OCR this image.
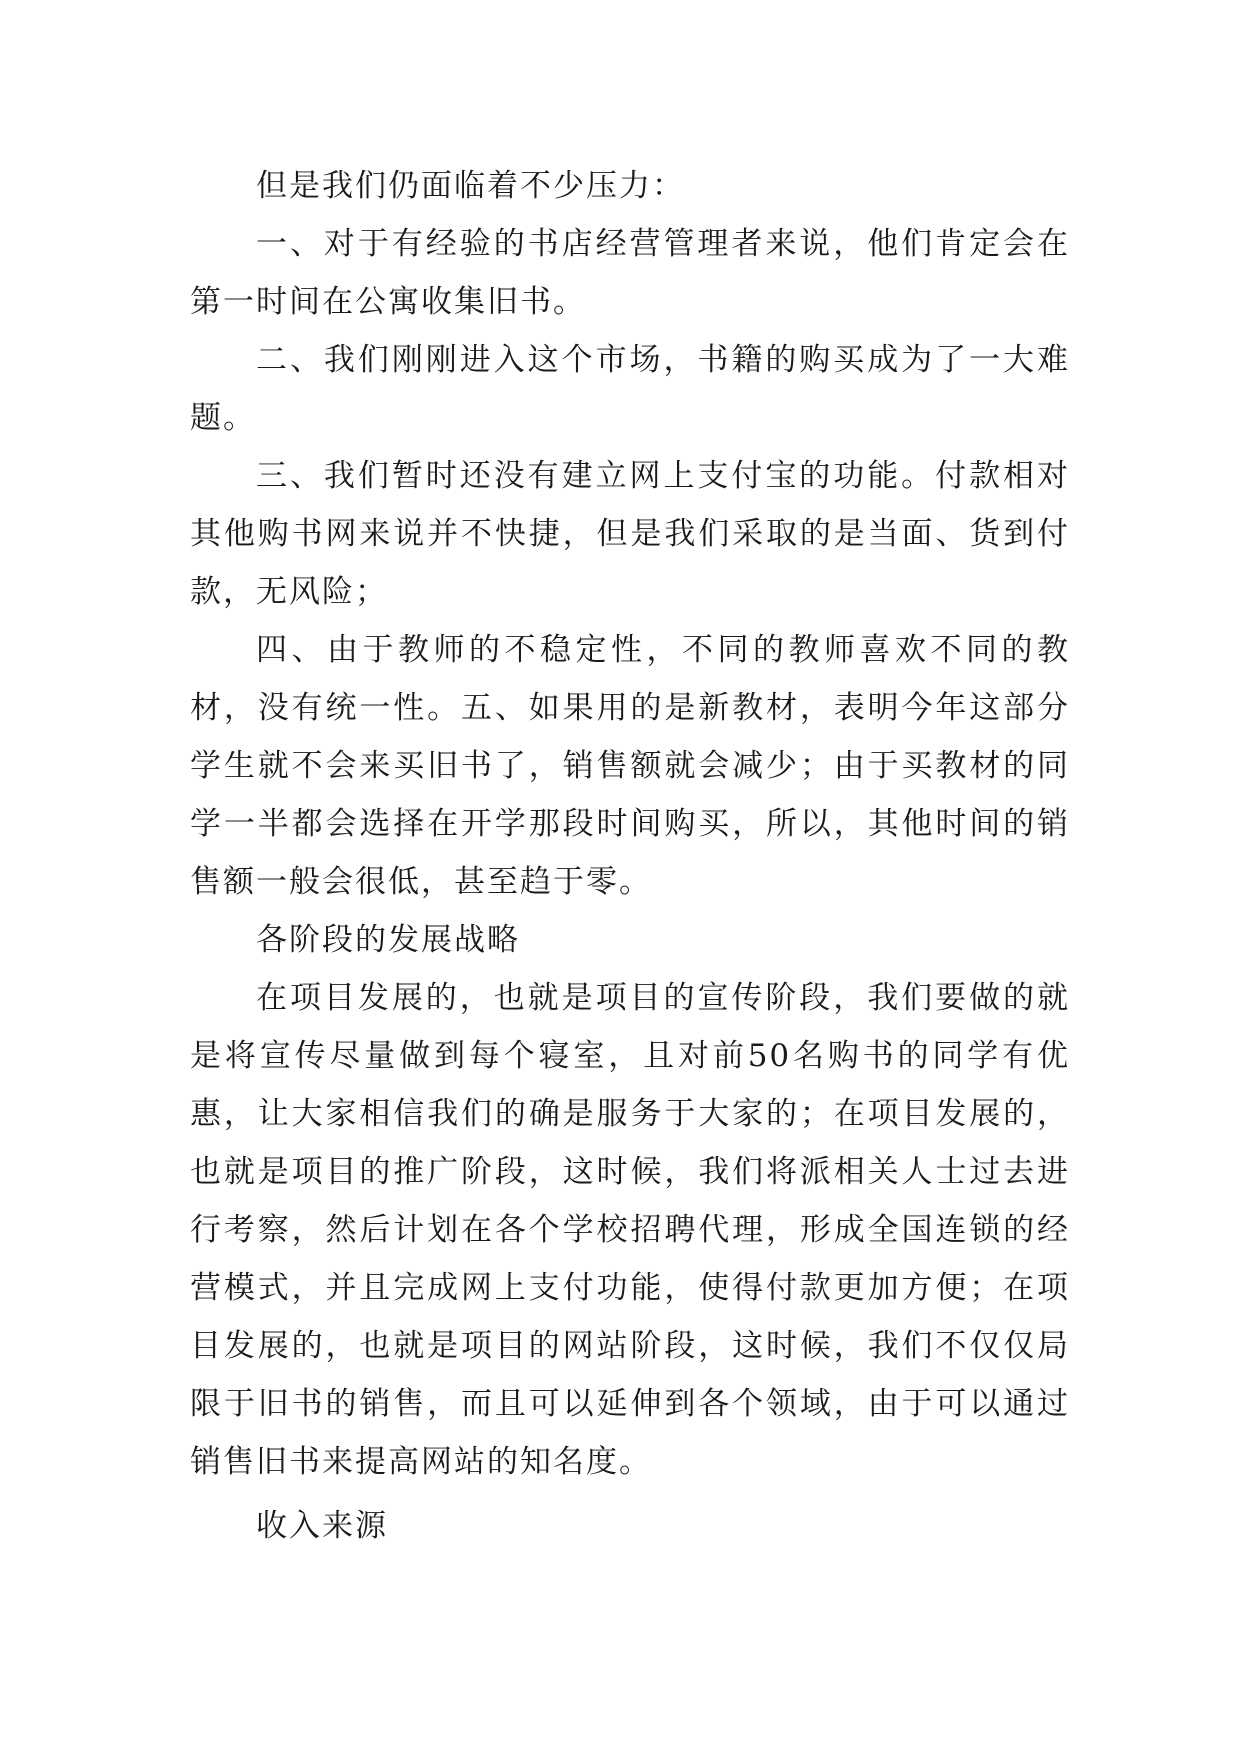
但是我们仍面临着不少压力：

一、对于有经验的书店经营管理者来说，他们肯定会在第一时间在公寓收集旧书。

二、我们刚刚进入这个市场，书籍的购买成为了一大难题。

三、我们暂时还没有建立网上支付宝的功能。付款相对其他购书网来说并不快捷，但是我们采取的是当面、货到付款，无风险；

四、由于教师的不稳定性，不同的教师喜欢不同的教材，没有统一性。五、如果用的是新教材，表明今年这部分学生就不会来买旧书了，销售额就会减少；由于买教材的同学一半都会选择在开学那段时间购买，所以，其他时间的销售额一般会很低，甚至趋于零。

各阶段的发展战略

在项目发展的，也就是项目的宣传阶段，我们要做的就是将宣传尽量做到每个寝室，且对前50名购书的同学有优惠，让大家相信我们的确是服务于大家的；在项目发展的，也就是项目的推广阶段，这时候，我们将派相关人士过去进行考察，然后计划在各个学校招聘代理，形成全国连锁的经营模式，并且完成网上支付功能，使得付款更加方便；在项目发展的，也就是项目的网站阶段，这时候，我们不仅仅局限于旧书的销售，而且可以延伸到各个领域，由于可以通过销售旧书来提高网站的知名度。

收入来源
